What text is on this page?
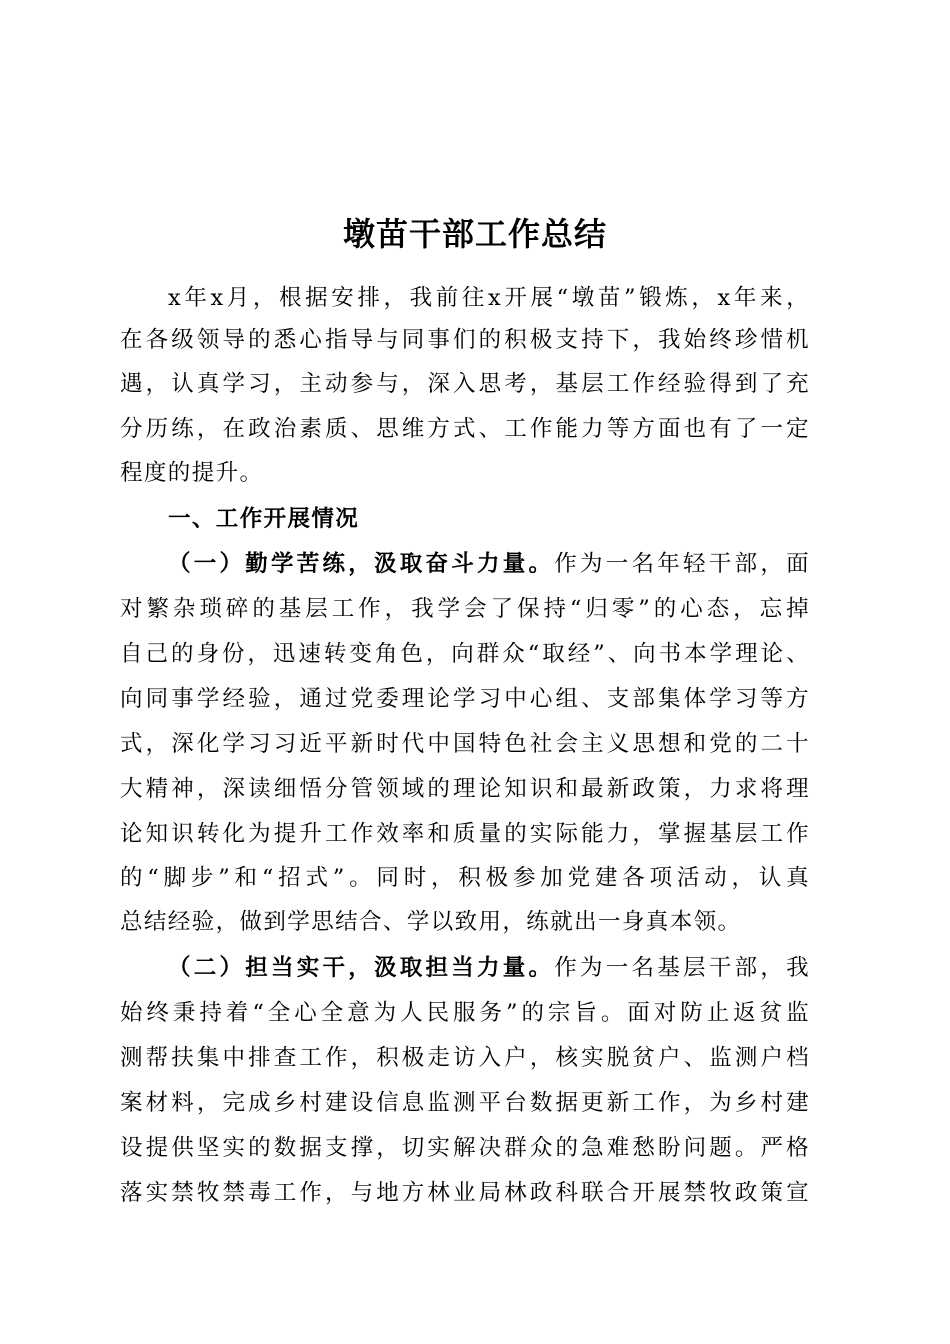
墩苗干部工作总结
x年x月，根据安排，我前往x开展“墩苗”锻炼，x年来，
在各级领导的悉心指导与同事们的积极支持下，我始终珍惜机
遇，认真学习，主动参与，深入思考，基层工作经验得到了充
分历练，在政治素质、思维方式、工作能力等方面也有了一定
程度的提升。
一、工作开展情况
（一）勤学苦练，汲取奋斗力量。作为一名年轻干部，面
对繁杂琐碎的基层工作，我学会了保持“归零”的心态，忘掉
自己的身份，迅速转变角色，向群众“取经”、向书本学理论、
向同事学经验，通过党委理论学习中心组、支部集体学习等方
式，深化学习习近平新时代中国特色社会主义思想和党的二十
大精神，深读细悟分管领域的理论知识和最新政策，力求将理
论知识转化为提升工作效率和质量的实际能力，掌握基层工作
的“脚步”和“招式”。同时，积极参加党建各项活动，认真
总结经验，做到学思结合、学以致用，练就出一身真本领。
（二）担当实干，汲取担当力量。作为一名基层干部，我
始终秉持着“全心全意为人民服务”的宗旨。面对防止返贫监
测帮扶集中排查工作，积极走访入户，核实脱贫户、监测户档
案材料，完成乡村建设信息监测平台数据更新工作，为乡村建
设提供坚实的数据支撑，切实解决群众的急难愁盼问题。严格
落实禁牧禁毒工作，与地方林业局林政科联合开展禁牧政策宣
